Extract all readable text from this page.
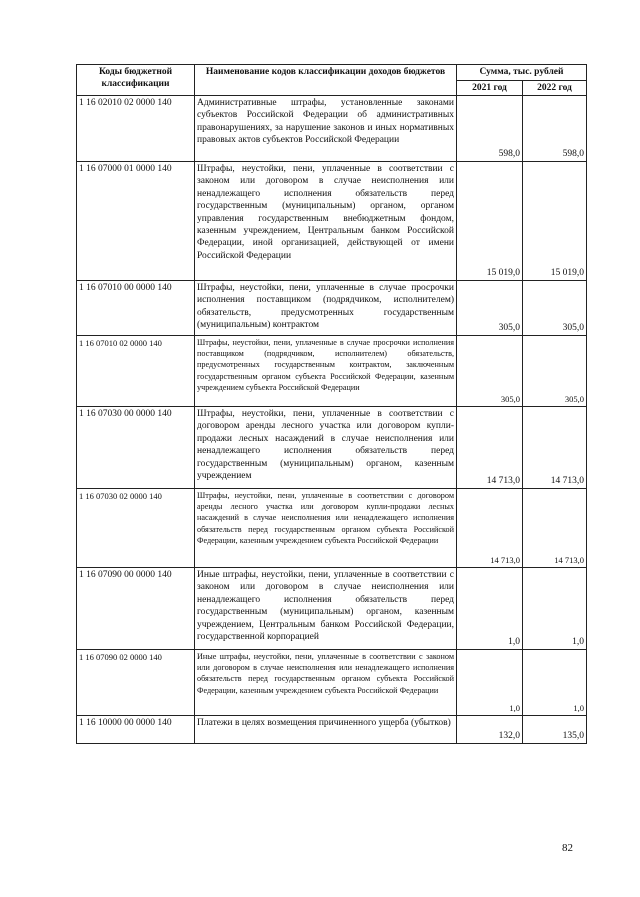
Коды бюджетной классификации	Наименование кодов классификации доходов бюджетов	Сумма, тыс. рублей	
		2021 год	2022 год
1 16 02010 02 0000 140	Административные штрафы, установленные законами субъектов Российской Федерации об административных правонарушениях, за нарушение законов и иных нормативных правовых актов субъектов Российской Федерации	598,0	598,0
1 16 07000 01 0000 140	Штрафы, неустойки, пени, уплаченные в соответствии с законом или договором в случае неисполнения или ненадлежащего исполнения обязательств перед государственным (муниципальным) органом, органом управления государственным внебюджетным фондом, казенным учреждением, Центральным банком Российской Федерации, иной организацией, действующей от имени Российской Федерации	15 019,0	15 019,0
1 16 07010 00 0000 140	Штрафы, неустойки, пени, уплаченные в случае просрочки исполнения поставщиком (подрядчиком, исполнителем) обязательств, предусмотренных государственным (муниципальным) контрактом	305,0	305,0
1 16 07010 02 0000 140	Штрафы, неустойки, пени, уплаченные в случае просрочки исполнения поставщиком (подрядчиком, исполнителем) обязательств, предусмотренных государственным контрактом, заключенным государственным органом субъекта Российской Федерации, казенным учреждением субъекта Российской Федерации	305,0	305,0
1 16 07030 00 0000 140	Штрафы, неустойки, пени, уплаченные в соответствии с договором аренды лесного участка или договором купли-продажи лесных насаждений в случае неисполнения или ненадлежащего исполнения обязательств перед государственным (муниципальным) органом, казенным учреждением	14 713,0	14 713,0
1 16 07030 02 0000 140	Штрафы, неустойки, пени, уплаченные в соответствии с договором аренды лесного участка или договором купли-продажи лесных насаждений в случае неисполнения или ненадлежащего исполнения обязательств перед государственным органом субъекта Российской Федерации, казенным учреждением субъекта Российской Федерации	14 713,0	14 713,0
1 16 07090 00 0000 140	Иные штрафы, неустойки, пени, уплаченные в соответствии с законом или договором в случае неисполнения или ненадлежащего исполнения обязательств перед государственным (муниципальным) органом, казенным учреждением, Центральным банком Российской Федерации, государственной корпорацией	1,0	1,0
1 16 07090 02 0000 140	Иные штрафы, неустойки, пени, уплаченные в соответствии с законом или договором в случае неисполнения или ненадлежащего исполнения обязательств перед государственным органом субъекта Российской Федерации, казенным учреждением субъекта Российской Федерации	1,0	1,0
1 16 10000 00 0000 140	Платежи в целях возмещения причиненного ущерба (убытков)	132,0	135,0
82
